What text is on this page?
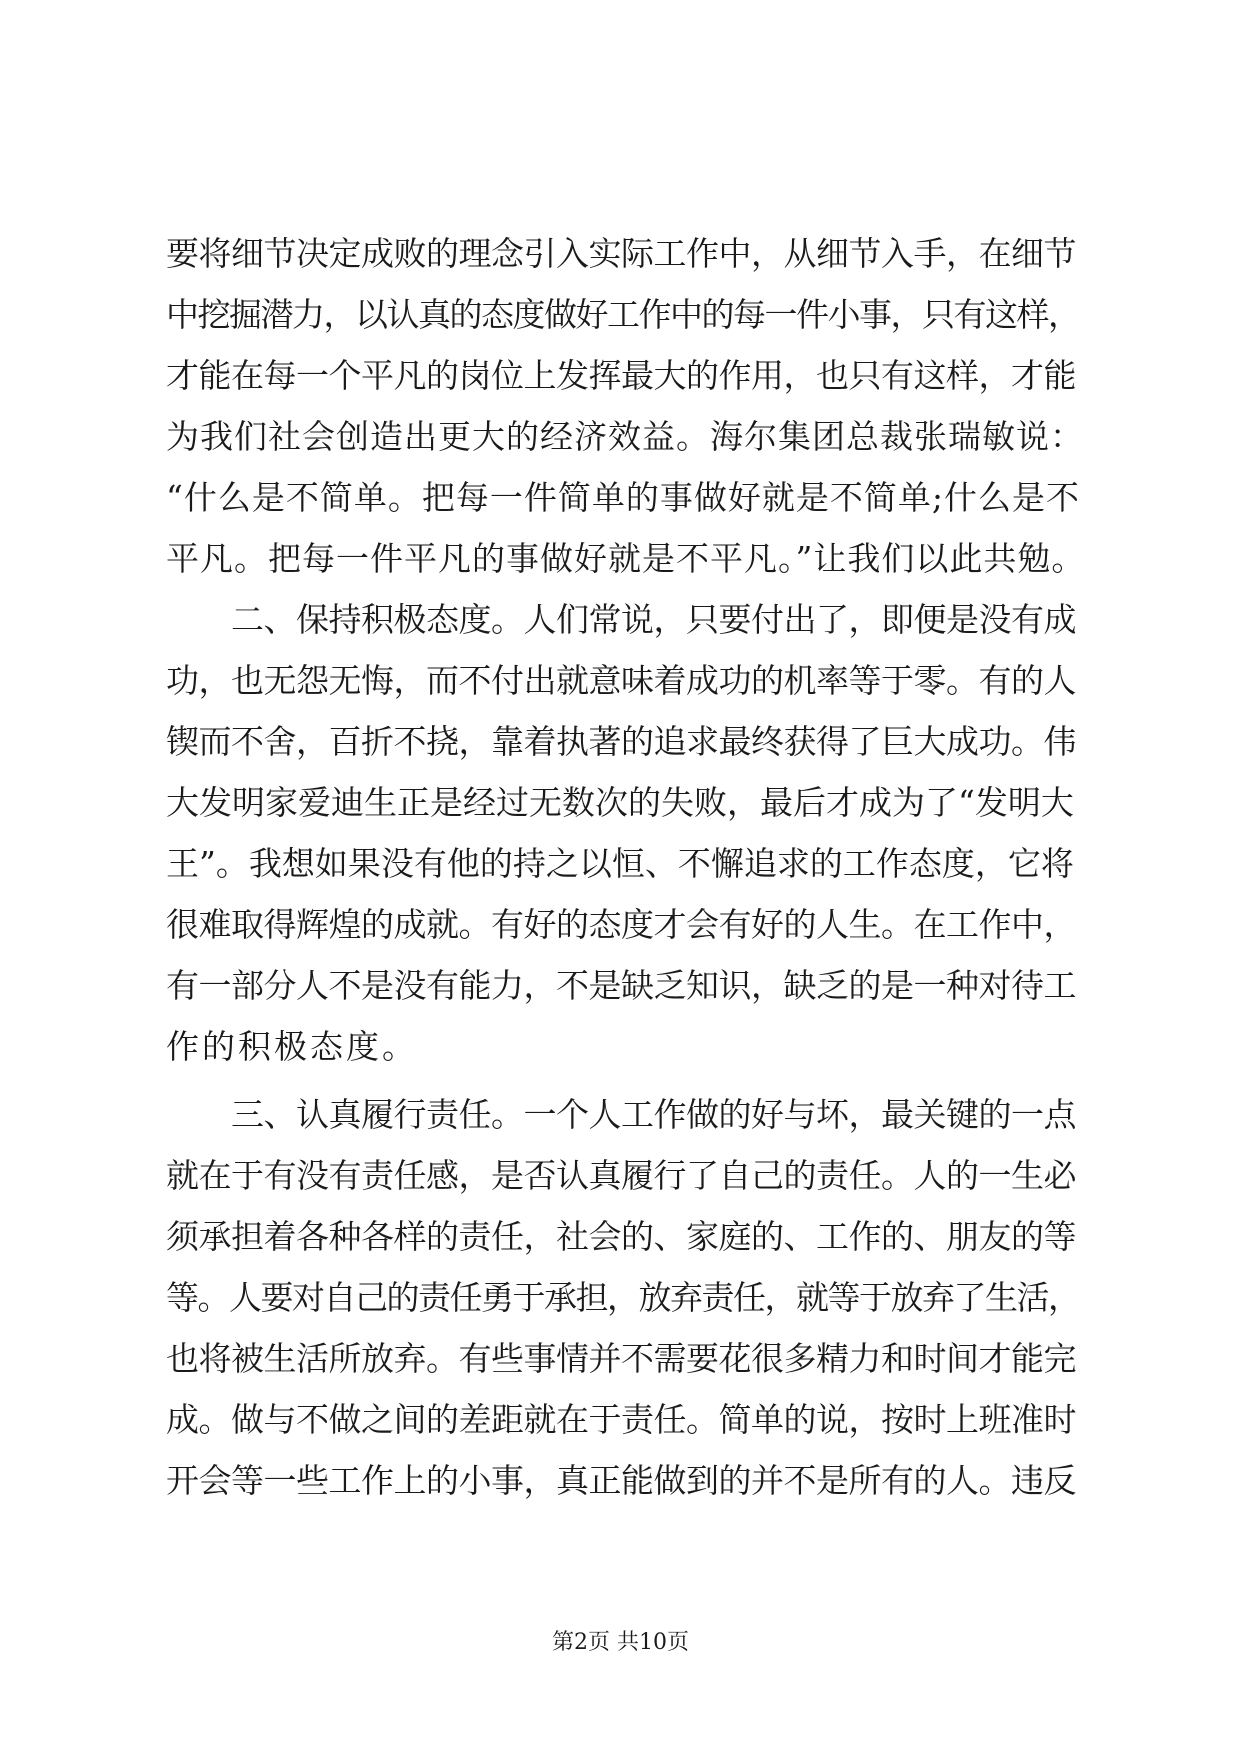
要将细节决定成败的理念引入实际工作中，从细节入手，在细节
中挖掘潜力，以认真的态度做好工作中的每一件小事，只有这样，
才能在每一个平凡的岗位上发挥最大的作用，也只有这样，才能
为我们社会创造出更大的经济效益。海尔集团总裁张瑞敏说：
“什么是不简单。把每一件简单的事做好就是不简单;什么是不
平凡。把每一件平凡的事做好就是不平凡。”让我们以此共勉。
　　二、保持积极态度。人们常说，只要付出了，即便是没有成
功，也无怨无悔，而不付出就意味着成功的机率等于零。有的人
锲而不舍，百折不挠，靠着执著的追求最终获得了巨大成功。伟
大发明家爱迪生正是经过无数次的失败，最后才成为了“发明大
王”。我想如果没有他的持之以恒、不懈追求的工作态度，它将
很难取得辉煌的成就。有好的态度才会有好的人生。在工作中，
有一部分人不是没有能力，不是缺乏知识，缺乏的是一种对待工
作的积极态度。
　　三、认真履行责任。一个人工作做的好与坏，最关键的一点
就在于有没有责任感，是否认真履行了自己的责任。人的一生必
须承担着各种各样的责任，社会的、家庭的、工作的、朋友的等
等。人要对自己的责任勇于承担，放弃责任，就等于放弃了生活，
也将被生活所放弃。有些事情并不需要花很多精力和时间才能完
成。做与不做之间的差距就在于责任。简单的说，按时上班准时
开会等一些工作上的小事，真正能做到的并不是所有的人。违反
第2页 共10页
